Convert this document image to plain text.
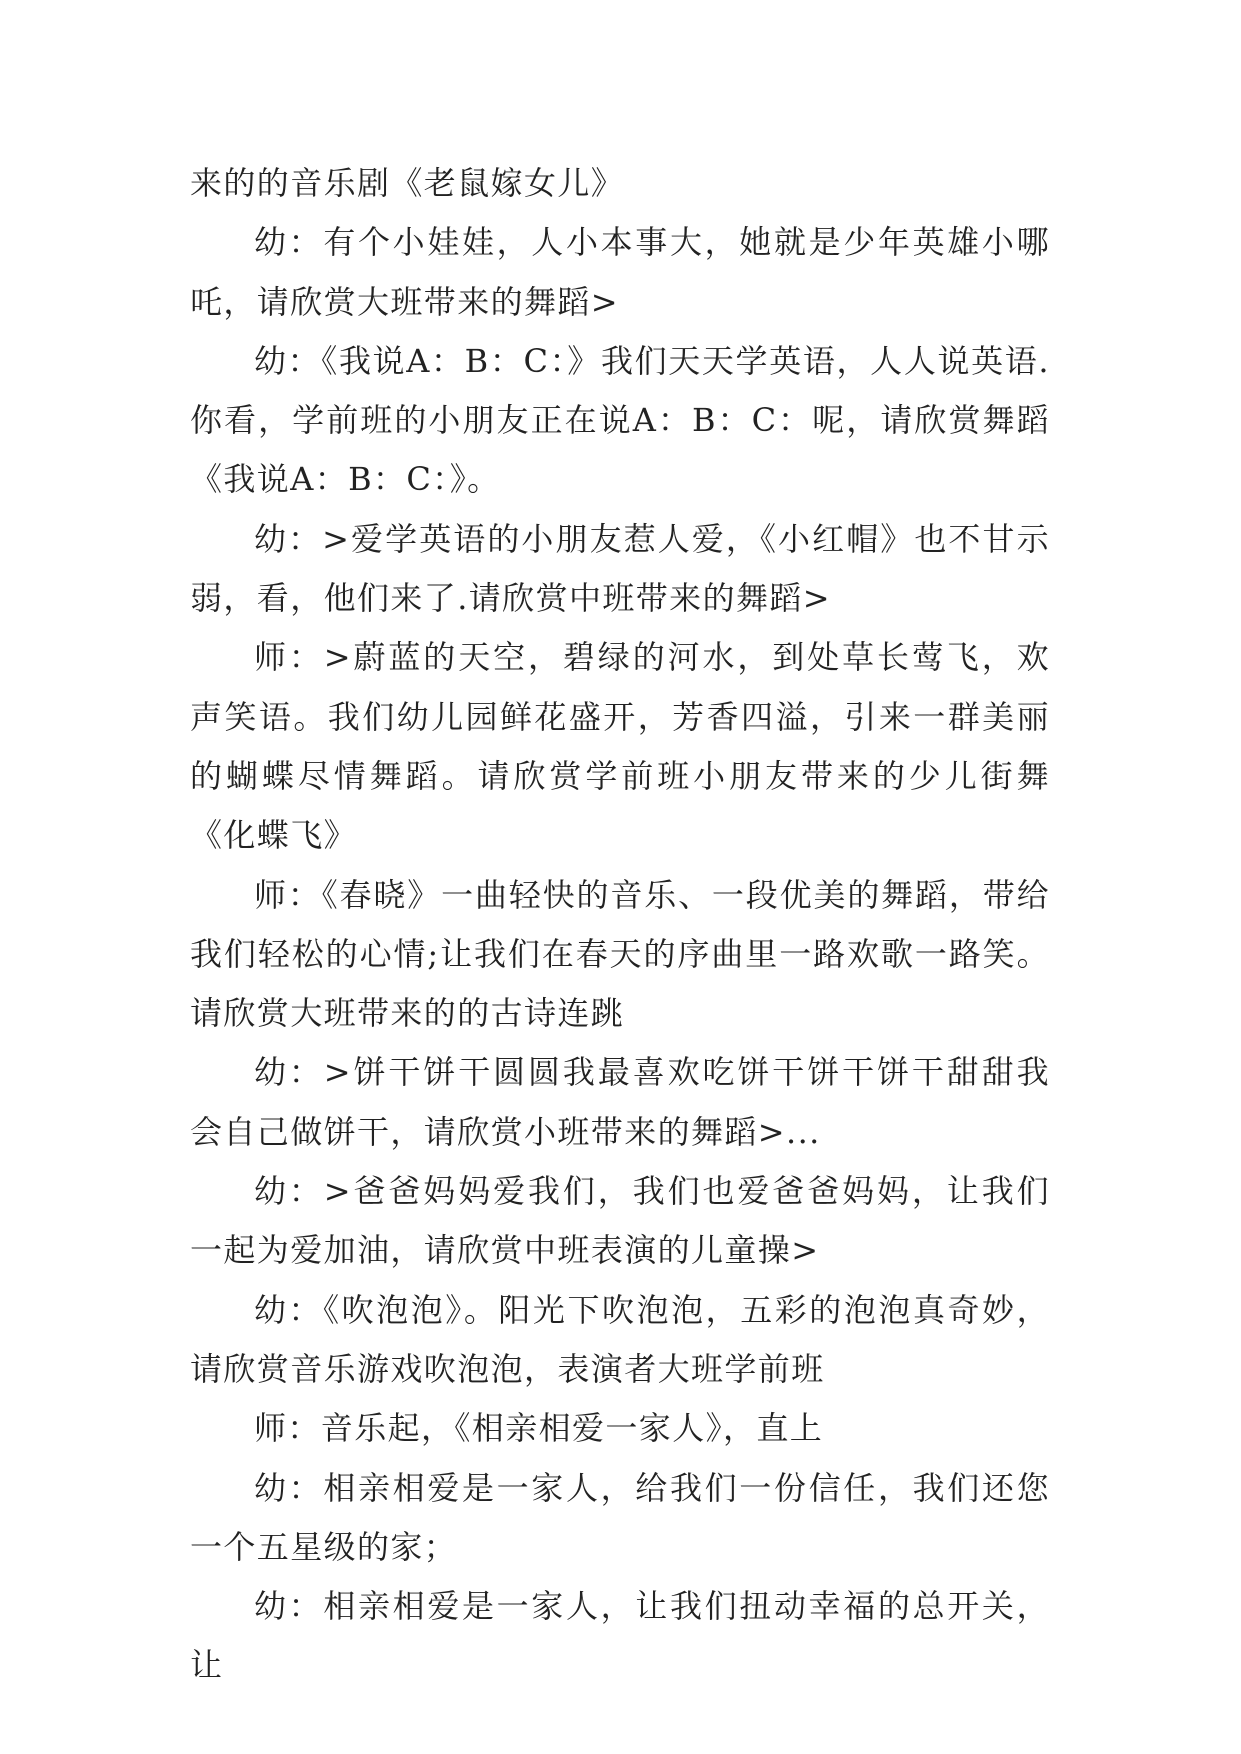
来的的音乐剧《老鼠嫁女儿》

幼：有个小娃娃，人小本事大，她就是少年英雄小哪吒，请欣赏大班带来的舞蹈>

幼：《我说A：B：C：》我们天天学英语，人人说英语.你看，学前班的小朋友正在说A：B：C：呢，请欣赏舞蹈《我说A：B：C：》。

幼：>爱学英语的小朋友惹人爱，《小红帽》也不甘示弱，看，他们来了.请欣赏中班带来的舞蹈>

师：>蔚蓝的天空，碧绿的河水，到处草长莺飞，欢声笑语。我们幼儿园鲜花盛开，芳香四溢，引来一群美丽的蝴蝶尽情舞蹈。请欣赏学前班小朋友带来的少儿街舞《化蝶飞》

师：《春晓》一曲轻快的音乐、一段优美的舞蹈，带给我们轻松的心情;让我们在春天的序曲里一路欢歌一路笑。请欣赏大班带来的的古诗连跳

幼：>饼干饼干圆圆我最喜欢吃饼干饼干饼干甜甜我会自己做饼干，请欣赏小班带来的舞蹈>...

幼：>爸爸妈妈爱我们，我们也爱爸爸妈妈，让我们一起为爱加油，请欣赏中班表演的儿童操>

幼：《吹泡泡》。阳光下吹泡泡，五彩的泡泡真奇妙，请欣赏音乐游戏吹泡泡，表演者大班学前班

师：音乐起，《相亲相爱一家人》，直上

幼：相亲相爱是一家人，给我们一份信任，我们还您一个五星级的家；

幼：相亲相爱是一家人，让我们扭动幸福的总开关，让
